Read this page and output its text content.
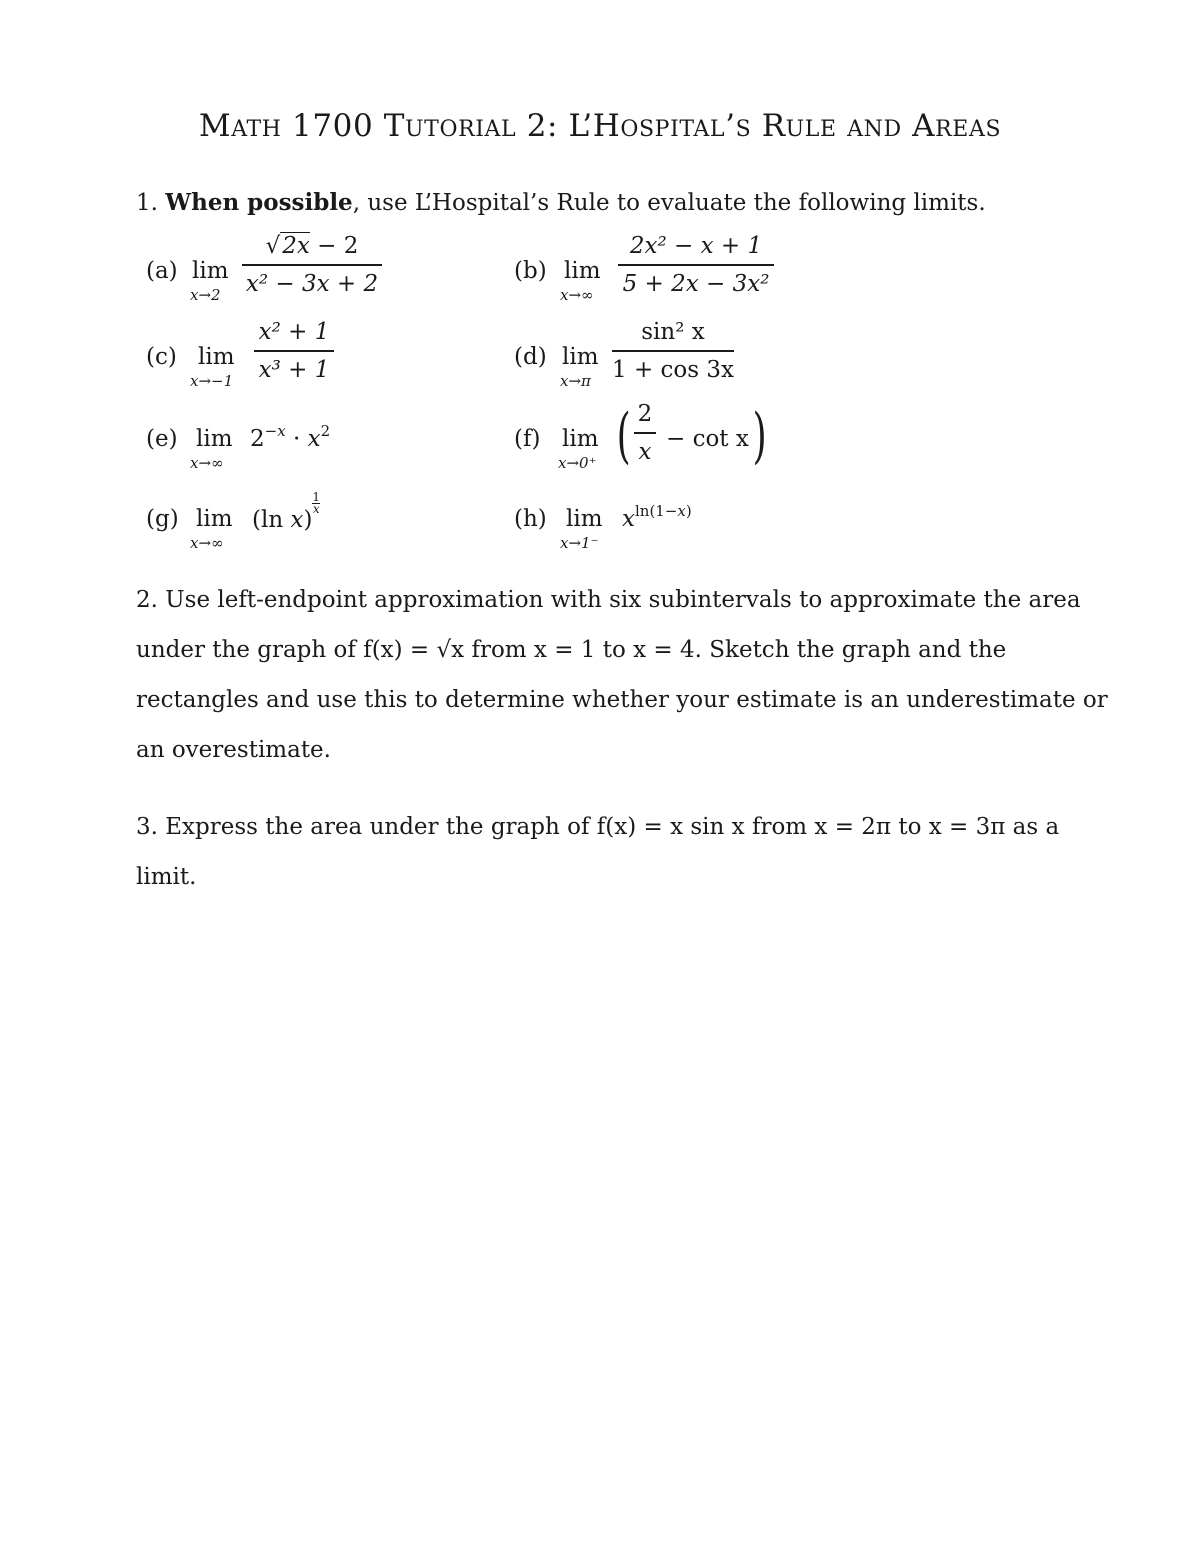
Math 1700 Tutorial 2: L’Hospital’s Rule and Areas
1. When possible, use L’Hospital’s Rule to evaluate the following limits.
(a) lim
x→2
√2x − 2
x² − 3x + 2	(b) lim
x→∞
2x² − x + 1
5 + 2x − 3x²
(c) lim
x→−1
x² + 1
x³ + 1	(d) lim
x→π
sin² x
1 + cos 3x
(e) lim
x→∞
$2^{-x} \cdot x^2$	(f) lim
x→0⁺ ( 2
x − cot x )
(g) lim
x→∞
(ln x)
$\frac{1}{x}$
(h) lim
x→1⁻
$x^{ln(1-x)}$
2. Use left-endpoint approximation with six subintervals to approximate the area under the graph of f(x) = √x from x = 1 to x = 4. Sketch the graph and the rectangles and use this to determine whether your estimate is an underestimate or an overestimate.
3. Express the area under the graph of f(x) = x sin x from x = 2π to x = 3π as a limit.
